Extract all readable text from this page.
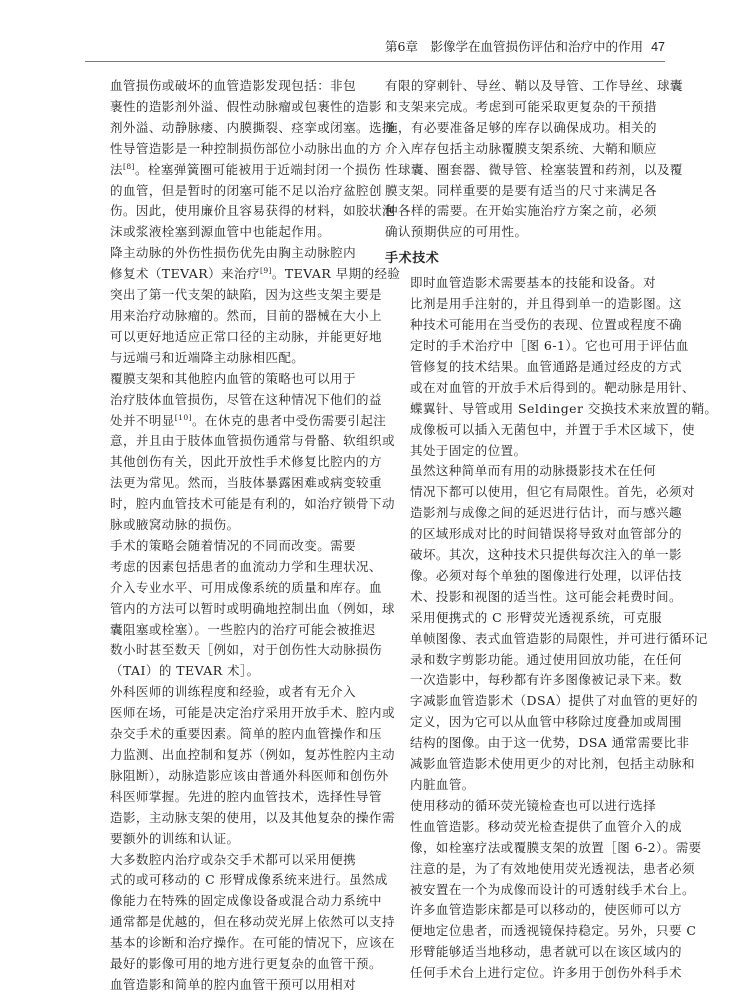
第6章　影像学在血管损伤评估和治疗中的作用 47

血管损伤或破坏的血管造影发现包括：非包
裹性的造影剂外溢、假性动脉瘤或包裹性的造影
剂外溢、动静脉瘘、内膜撕裂、痉挛或闭塞。选择
性导管造影是一种控制损伤部位小动脉出血的方
法[8]。栓塞弹簧圈可能被用于近端封闭一个损伤
的血管，但是暂时的闭塞可能不足以治疗盆腔创
伤。因此，使用廉价且容易获得的材料，如胶状泡
沫或浆液栓塞到源血管中也能起作用。

降主动脉的外伤性损伤优先由胸主动脉腔内
修复术（TEVAR）来治疗[9]。TEVAR 早期的经验
突出了第一代支架的缺陷，因为这些支架主要是
用来治疗动脉瘤的。然而，目前的器械在大小上
可以更好地适应正常口径的主动脉，并能更好地
与远端弓和近端降主动脉相匹配。

覆膜支架和其他腔内血管的策略也可以用于
治疗肢体血管损伤，尽管在这种情况下他们的益
处并不明显[10]。在休克的患者中受伤需要引起注
意，并且由于肢体血管损伤通常与骨骼、软组织或
其他创伤有关，因此开放性手术修复比腔内的方
法更为常见。然而，当肢体暴露困难或病变较重
时，腔内血管技术可能是有利的，如治疗锁骨下动
脉或腋窝动脉的损伤。

手术的策略会随着情况的不同而改变。需要
考虑的因素包括患者的血流动力学和生理状况、
介入专业水平、可用成像系统的质量和库存。血
管内的方法可以暂时或明确地控制出血（例如，球
囊阻塞或栓塞）。一些腔内的治疗可能会被推迟
数小时甚至数天［例如，对于创伤性大动脉损伤
（TAI）的 TEVAR 术］。

外科医师的训练程度和经验，或者有无介入
医师在场，可能是决定治疗采用开放手术、腔内或
杂交手术的重要因素。简单的腔内血管操作和压
力监测、出血控制和复苏（例如，复苏性腔内主动
脉阻断），动脉造影应该由普通外科医师和创伤外
科医师掌握。先进的腔内血管技术，选择性导管
造影，主动脉支架的使用，以及其他复杂的操作需
要额外的训练和认证。

大多数腔内治疗或杂交手术都可以采用便携
式的或可移动的 C 形臂成像系统来进行。虽然成
像能力在特殊的固定成像设备或混合动力系统中
通常都是优越的，但在移动荧光屏上依然可以支持
基本的诊断和治疗操作。在可能的情况下，应该在
最好的影像可用的地方进行更复杂的血管干预。

血管造影和简单的腔内血管干预可以用相对

有限的穿刺针、导丝、鞘以及导管、工作导丝、球囊
和支架来完成。考虑到可能采取更复杂的干预措
施，有必要准备足够的库存以确保成功。相关的
介入库存包括主动脉覆膜支架系统、大鞘和顺应
性球囊、圈套器、微导管、栓塞装置和药剂，以及覆
膜支架。同样重要的是要有适当的尺寸来满足各
种各样的需要。在开始实施治疗方案之前，必须
确认预期供应的可用性。

手术技术

即时血管造影术需要基本的技能和设备。对
比剂是用手注射的，并且得到单一的造影图。这
种技术可能用在当受伤的表现、位置或程度不确
定时的手术治疗中［图 6-1）。它也可用于评估血
管修复的技术结果。血管通路是通过经皮的方式
或在对血管的开放手术后得到的。靶动脉是用针、
蝶翼针、导管或用 Seldinger 交换技术来放置的鞘。
成像板可以插入无菌包中，并置于手术区域下，使
其处于固定的位置。

虽然这种简单而有用的动脉摄影技术在任何
情况下都可以使用，但它有局限性。首先，必须对
造影剂与成像之间的延迟进行估计，而与感兴趣
的区域形成对比的时间错误将导致对血管部分的
破坏。其次，这种技术只提供每次注入的单一影
像。必须对每个单独的图像进行处理，以评估技
术、投影和视图的适当性。这可能会耗费时间。

采用便携式的 C 形臂荧光透视系统，可克服
单帧图像、表式血管造影的局限性，并可进行循环记
录和数字剪影功能。通过使用回放功能，在任何
一次造影中，每秒都有许多图像被记录下来。数
字减影血管造影术（DSA）提供了对血管的更好的
定义，因为它可以从血管中移除过度叠加或周围
结构的图像。由于这一优势，DSA 通常需要比非
减影血管造影术使用更少的对比剂，包括主动脉和
内脏血管。

使用移动的循环荧光镜检查也可以进行选择
性血管造影。移动荧光检查提供了血管介入的成
像，如栓塞疗法或覆膜支架的放置［图 6-2）。需要
注意的是，为了有效地使用荧光透视法，患者必须
被安置在一个为成像而设计的可透射线手术台上。
许多血管造影床都是可以移动的，使医师可以方
便地定位患者，而透视镜保持稳定。另外，只要 C
形臂能够适当地移动，患者就可以在该区域内的
任何手术台上进行定位。许多用于创伤外科手术
